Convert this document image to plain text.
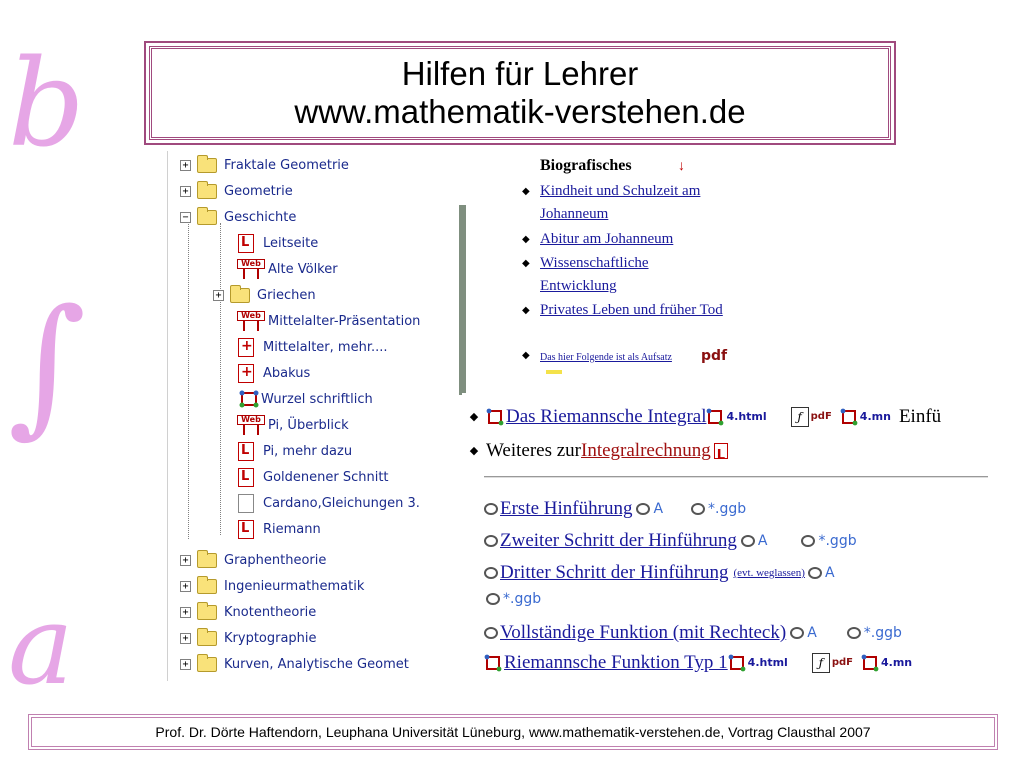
b
∫
a
Hilfen für Lehrer
www.mathematik-verstehen.de
+	Fraktale Geometrie
+	Geometrie
−	Geschichte
L
Leitseite
Web Alte Völker
+	Griechen
Web Mittelalter-Präsentation
+
Mittelalter, mehr....
+
Abakus
Wurzel schriftlich
Web Pi, Überblick
L
Pi, mehr dazu
L
Goldenener Schnitt
Cardano,Gleichungen 3.
L
Riemann
+	Graphentheorie
+	Ingenieurmathematik
+	Knotentheorie
+	Kryptographie
+	Kurven, Analytische Geomet
Biografisches	↓
◆ Kindheit und Schulzeit am Johanneum
◆ Abitur am Johanneum
◆ Wissenschaftliche Entwicklung
◆ Privates Leben und früher Tod
◆ Das hier Folgende ist als Aufsatz pdf
◆	Das Riemannsche Integral 4.html	ƒ pdF	4.mn Einfü
◆ Weiteres zur Integralrechnung
L
Erste Hinführung A	*.ggb
Zweiter Schritt der Hinführung A	*.ggb
Dritter Schritt der Hinführung (evt. weglassen) A
*.ggb
Vollständige Funktion (mit Rechteck) A	*.ggb
Riemannsche Funktion Typ 1 4.html	ƒ pdF	4.mn
Prof. Dr. Dörte Haftendorn, Leuphana Universität Lüneburg, www.mathematik-verstehen.de, Vortrag Clausthal 2007
